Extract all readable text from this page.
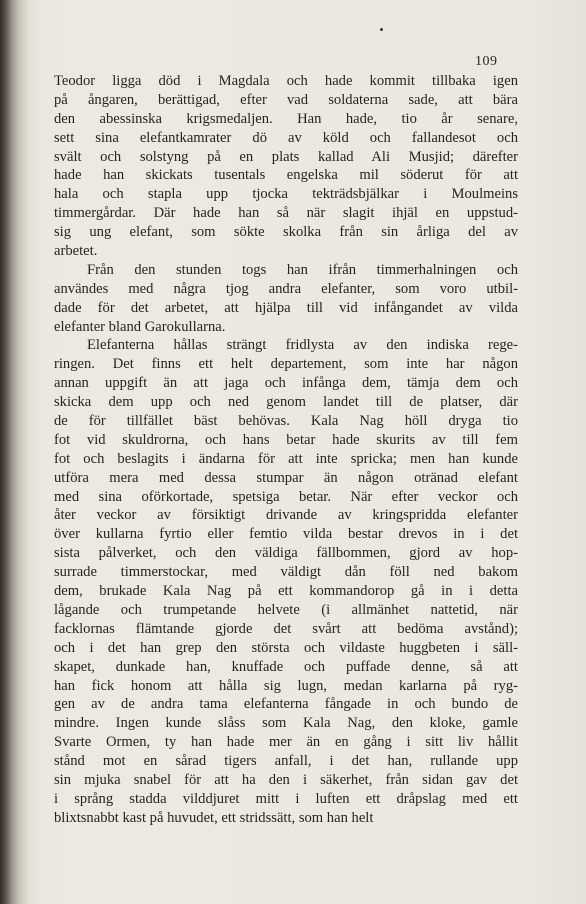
109
Teodor ligga död i Magdala och hade kommit tillbaka igen
på ångaren, berättigad, efter vad soldaterna sade, att bära
den abessinska krigsmedaljen. Han hade, tio år senare,
sett sina elefantkamrater dö av köld och fallandesot och
svält och solstyng på en plats kallad Ali Musjid; därefter
hade han skickats tusentals engelska mil söderut för att
hala och stapla upp tjocka tekträdsbjälkar i Moulmeins
timmergårdar. Där hade han så när slagit ihjäl en uppstud-
sig ung elefant, som sökte skolka från sin årliga del av
arbetet.
Från den stunden togs han ifrån timmerhalningen och
användes med några tjog andra elefanter, som voro utbil-
dade för det arbetet, att hjälpa till vid infångandet av vilda
elefanter bland Garokullarna.
Elefanterna hållas strängt fridlysta av den indiska rege-
ringen. Det finns ett helt departement, som inte har någon
annan uppgift än att jaga och infånga dem, tämja dem och
skicka dem upp och ned genom landet till de platser, där
de för tillfället bäst behövas. Kala Nag höll dryga tio
fot vid skuldrorna, och hans betar hade skurits av till fem
fot och beslagits i ändarna för att inte spricka; men han kunde
utföra mera med dessa stumpar än någon otränad elefant
med sina oförkortade, spetsiga betar. När efter veckor och
åter veckor av försiktigt drivande av kringspridda elefanter
över kullarna fyrtio eller femtio vilda bestar drevos in i det
sista pålverket, och den väldiga fällbommen, gjord av hop-
surrade timmerstockar, med väldigt dån föll ned bakom
dem, brukade Kala Nag på ett kommandorop gå in i detta
lågande och trumpetande helvete (i allmänhet nattetid, när
facklornas flämtande gjorde det svårt att bedöma avstånd);
och i det han grep den största och vildaste huggbeten i säll-
skapet, dunkade han, knuffade och puffade denne, så att
han fick honom att hålla sig lugn, medan karlarna på ryg-
gen av de andra tama elefanterna fångade in och bundo de
mindre. Ingen kunde slåss som Kala Nag, den kloke, gamle
Svarte Ormen, ty han hade mer än en gång i sitt liv hållit
stånd mot en sårad tigers anfall, i det han, rullande upp
sin mjuka snabel för att ha den i säkerhet, från sidan gav det
i språng stadda vilddjuret mitt i luften ett dråpslag med ett
blixtsnabbt kast på huvudet, ett stridssätt, som han helt
